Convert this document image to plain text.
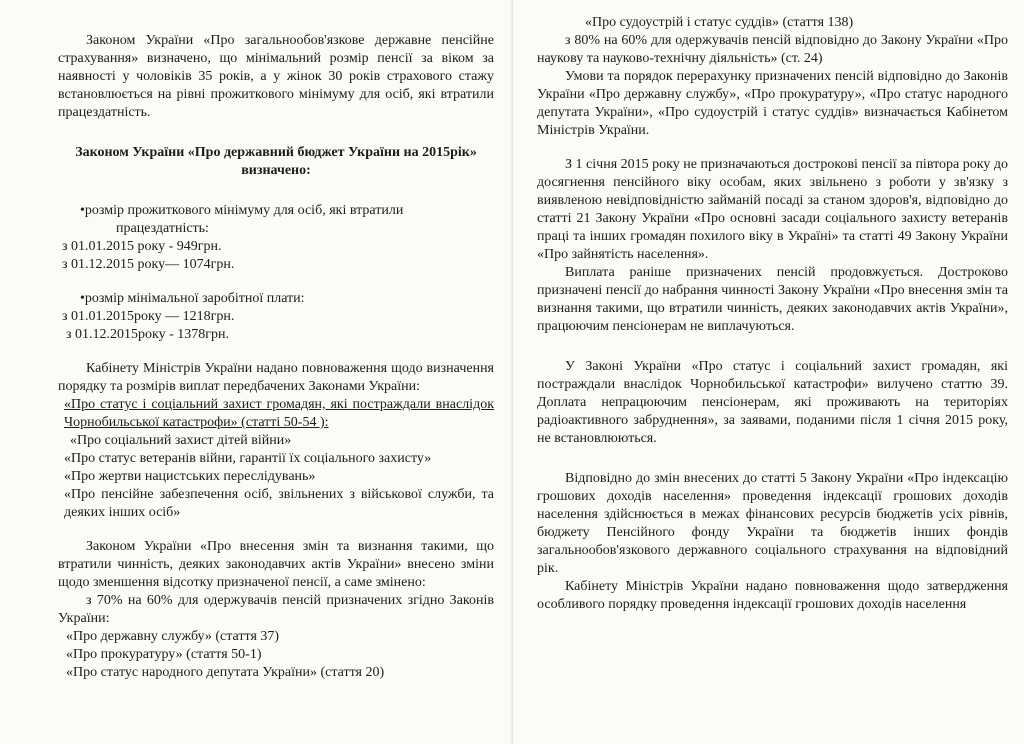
Законом України «Про загальнообов'язкове державне пенсійне страхування» визначено, що мінімальний розмір пенсії за віком за наявності у чоловіків 35 років, а у жінок 30 років страхового стажу встановлюється на рівні прожиткового мінімуму для осіб, які втратили працездатність.

Законом України «Про державний бюджет України на 2015рік» визначено:

•розмір прожиткового мінімуму для осіб, які втратили
працездатність:

з 01.01.2015 року - 949грн.

з 01.12.2015 року— 1074грн.

•розмір мінімальної заробітної плати:

з 01.01.2015року — 1218грн.

з 01.12.2015року - 1378грн.

Кабінету Міністрів України надано повноваження щодо визначення порядку та розмірів виплат передбачених Законами України:

«Про статус і соціальний захист громадян, які постраждали внаслідок Чорнобильської катастрофи» (статті 50-54 ):

«Про соціальний захист дітей війни»

«Про статус ветеранів війни, гарантії їх соціального захисту»

«Про жертви нацистських переслідувань»

«Про пенсійне забезпечення осіб, звільнених з військової служби, та деяких інших осіб»

Законом України «Про внесення змін та визнання такими, що втратили чинність, деяких законодавчих актів України» внесено зміни щодо зменшення відсотку призначеної пенсії, а саме змінено:

з 70% на 60% для одержувачів пенсій призначених згідно Законів України:

«Про державну службу» (стаття 37)

«Про прокуратуру» (стаття 50-1)

«Про статус народного депутата України» (стаття 20)

«Про судоустрій і статус суддів» (стаття 138)

з 80% на 60% для одержувачів пенсій відповідно до Закону України «Про наукову та науково-технічну діяльність» (ст. 24)

Умови та порядок перерахунку призначених пенсій відповідно до Законів України «Про державну службу», «Про прокуратуру», «Про статус народного депутата України», «Про судоустрій і статус суддів» визначається Кабінетом Міністрів України.

З 1 січня 2015 року не призначаються дострокові пенсії за півтора року до досягнення пенсійного віку особам, яких звільнено з роботи у зв'язку з виявленою невідповідністю займаній посаді за станом здоров'я, відповідно до статті 21 Закону України «Про основні засади соціального захисту ветеранів праці та інших громадян похилого віку в Україні» та статті 49 Закону України «Про зайнятість населення».

Виплата раніше призначених пенсій продовжується. Достроково призначені пенсії до набрання чинності Закону України «Про внесення змін та визнання такими, що втратили чинність, деяких законодавчих актів України», працюючим пенсіонерам не виплачуються.

У Законі України «Про статус і соціальний захист громадян, які постраждали внаслідок Чорнобильської катастрофи» вилучено статтю 39. Доплата непрацюючим пенсіонерам, які проживають на територіях радіоактивного забруднення», за заявами, поданими після 1 січня 2015 року, не встановлюються.

Відповідно до змін внесених до статті 5 Закону України «Про індексацію грошових доходів населення» проведення індексації грошових доходів населення здійснюється в межах фінансових ресурсів бюджетів усіх рівнів, бюджету Пенсійного фонду України та бюджетів інших фондів загальнообов'язкового державного соціального страхування на відповідний рік.

Кабінету Міністрів України надано повноваження щодо затвердження особливого порядку проведення індексації грошових доходів населення
